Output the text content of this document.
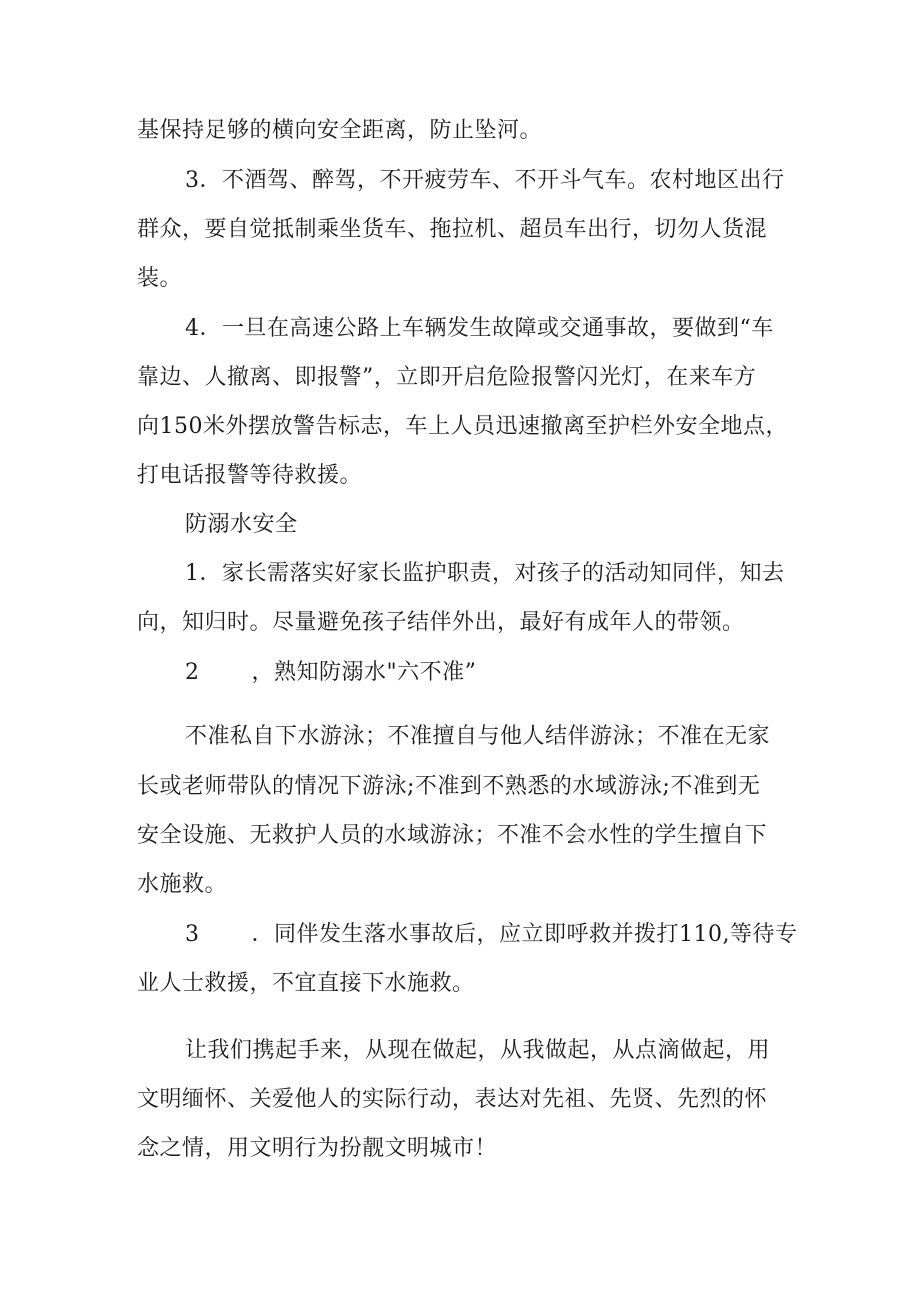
基保持足够的横向安全距离，防止坠河。
3．不酒驾、醉驾，不开疲劳车、不开斗气车。农村地区出行
群众，要自觉抵制乘坐货车、拖拉机、超员车出行，切勿人货混
装。
4．一旦在高速公路上车辆发生故障或交通事故，要做到“车
靠边、人撤离、即报警”，立即开启危险报警闪光灯，在来车方
向150米外摆放警告标志，车上人员迅速撤离至护栏外安全地点，
打电话报警等待救援。
防溺水安全
1．家长需落实好家长监护职责，对孩子的活动知同伴，知去
向，知归时。尽量避免孩子结伴外出，最好有成年人的带领。
2 ，熟知防溺水"六不准”
不准私自下水游泳；不准擅自与他人结伴游泳；不准在无家
长或老师带队的情况下游泳;不准到不熟悉的水域游泳;不准到无
安全设施、无救护人员的水域游泳；不准不会水性的学生擅自下
水施救。
3 ．同伴发生落水事故后，应立即呼救并拨打110,等待专
业人士救援，不宜直接下水施救。
让我们携起手来，从现在做起，从我做起，从点滴做起，用
文明缅怀、关爱他人的实际行动，表达对先祖、先贤、先烈的怀
念之情，用文明行为扮靓文明城市！
